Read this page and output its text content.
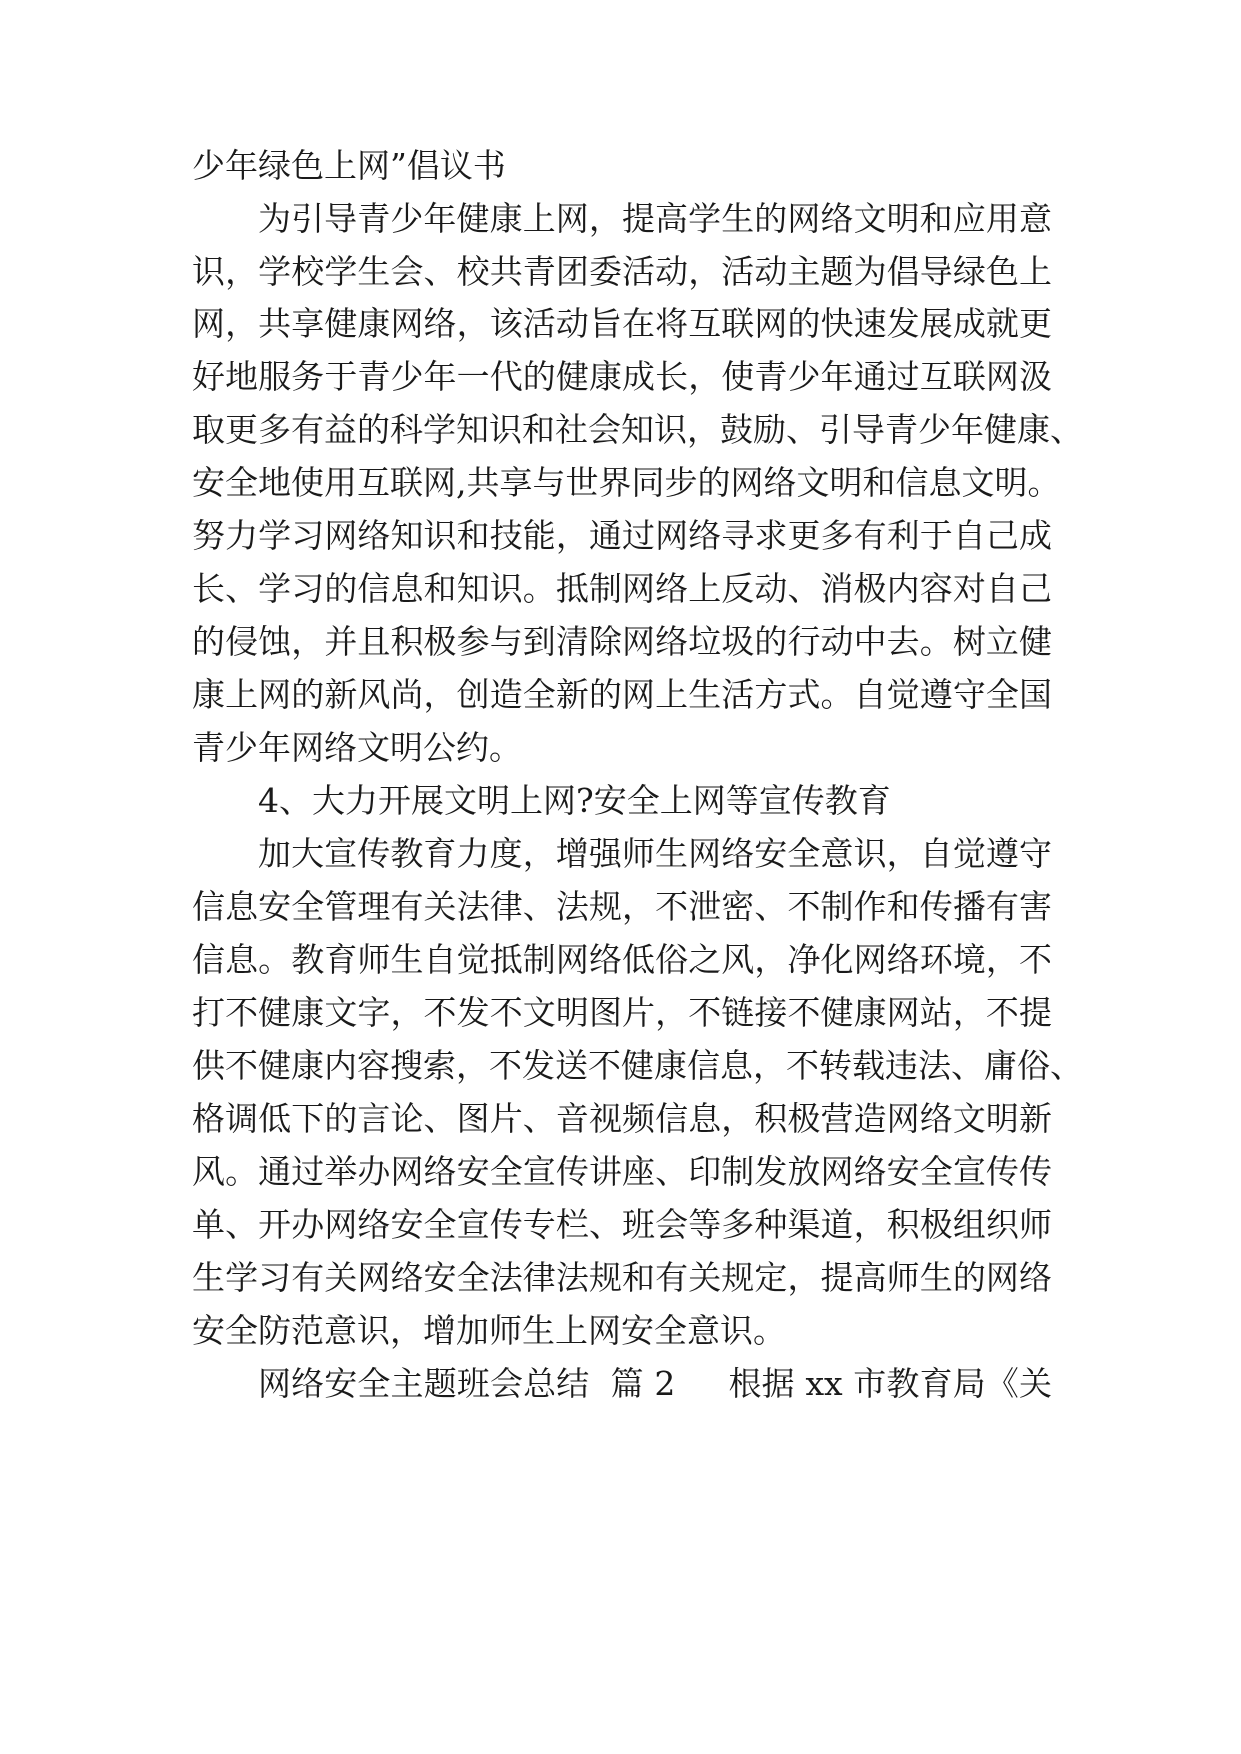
少年绿色上网”倡议书
为引导青少年健康上网，提高学生的网络文明和应用意
识，学校学生会、校共青团委活动，活动主题为倡导绿色上
网，共享健康网络，该活动旨在将互联网的快速发展成就更
好地服务于青少年一代的健康成长，使青少年通过互联网汲
取更多有益的科学知识和社会知识，鼓励、引导青少年健康、
安全地使用互联网,共享与世界同步的网络文明和信息文明。
努力学习网络知识和技能，通过网络寻求更多有利于自己成
长、学习的信息和知识。抵制网络上反动、消极内容对自己
的侵蚀，并且积极参与到清除网络垃圾的行动中去。树立健
康上网的新风尚，创造全新的网上生活方式。自觉遵守全国
青少年网络文明公约。
4、大力开展文明上网?安全上网等宣传教育
加大宣传教育力度，增强师生网络安全意识，自觉遵守
信息安全管理有关法律、法规，不泄密、不制作和传播有害
信息。教育师生自觉抵制网络低俗之风，净化网络环境，不
打不健康文字，不发不文明图片，不链接不健康网站，不提
供不健康内容搜索，不发送不健康信息，不转载违法、庸俗、
格调低下的言论、图片、音视频信息，积极营造网络文明新
风。通过举办网络安全宣传讲座、印制发放网络安全宣传传
单、开办网络安全宣传专栏、班会等多种渠道，积极组织师
生学习有关网络安全法律法规和有关规定，提高师生的网络
安全防范意识，增加师生上网安全意识。
网络安全主题班会总结  篇 2     根据 xx 市教育局《关
